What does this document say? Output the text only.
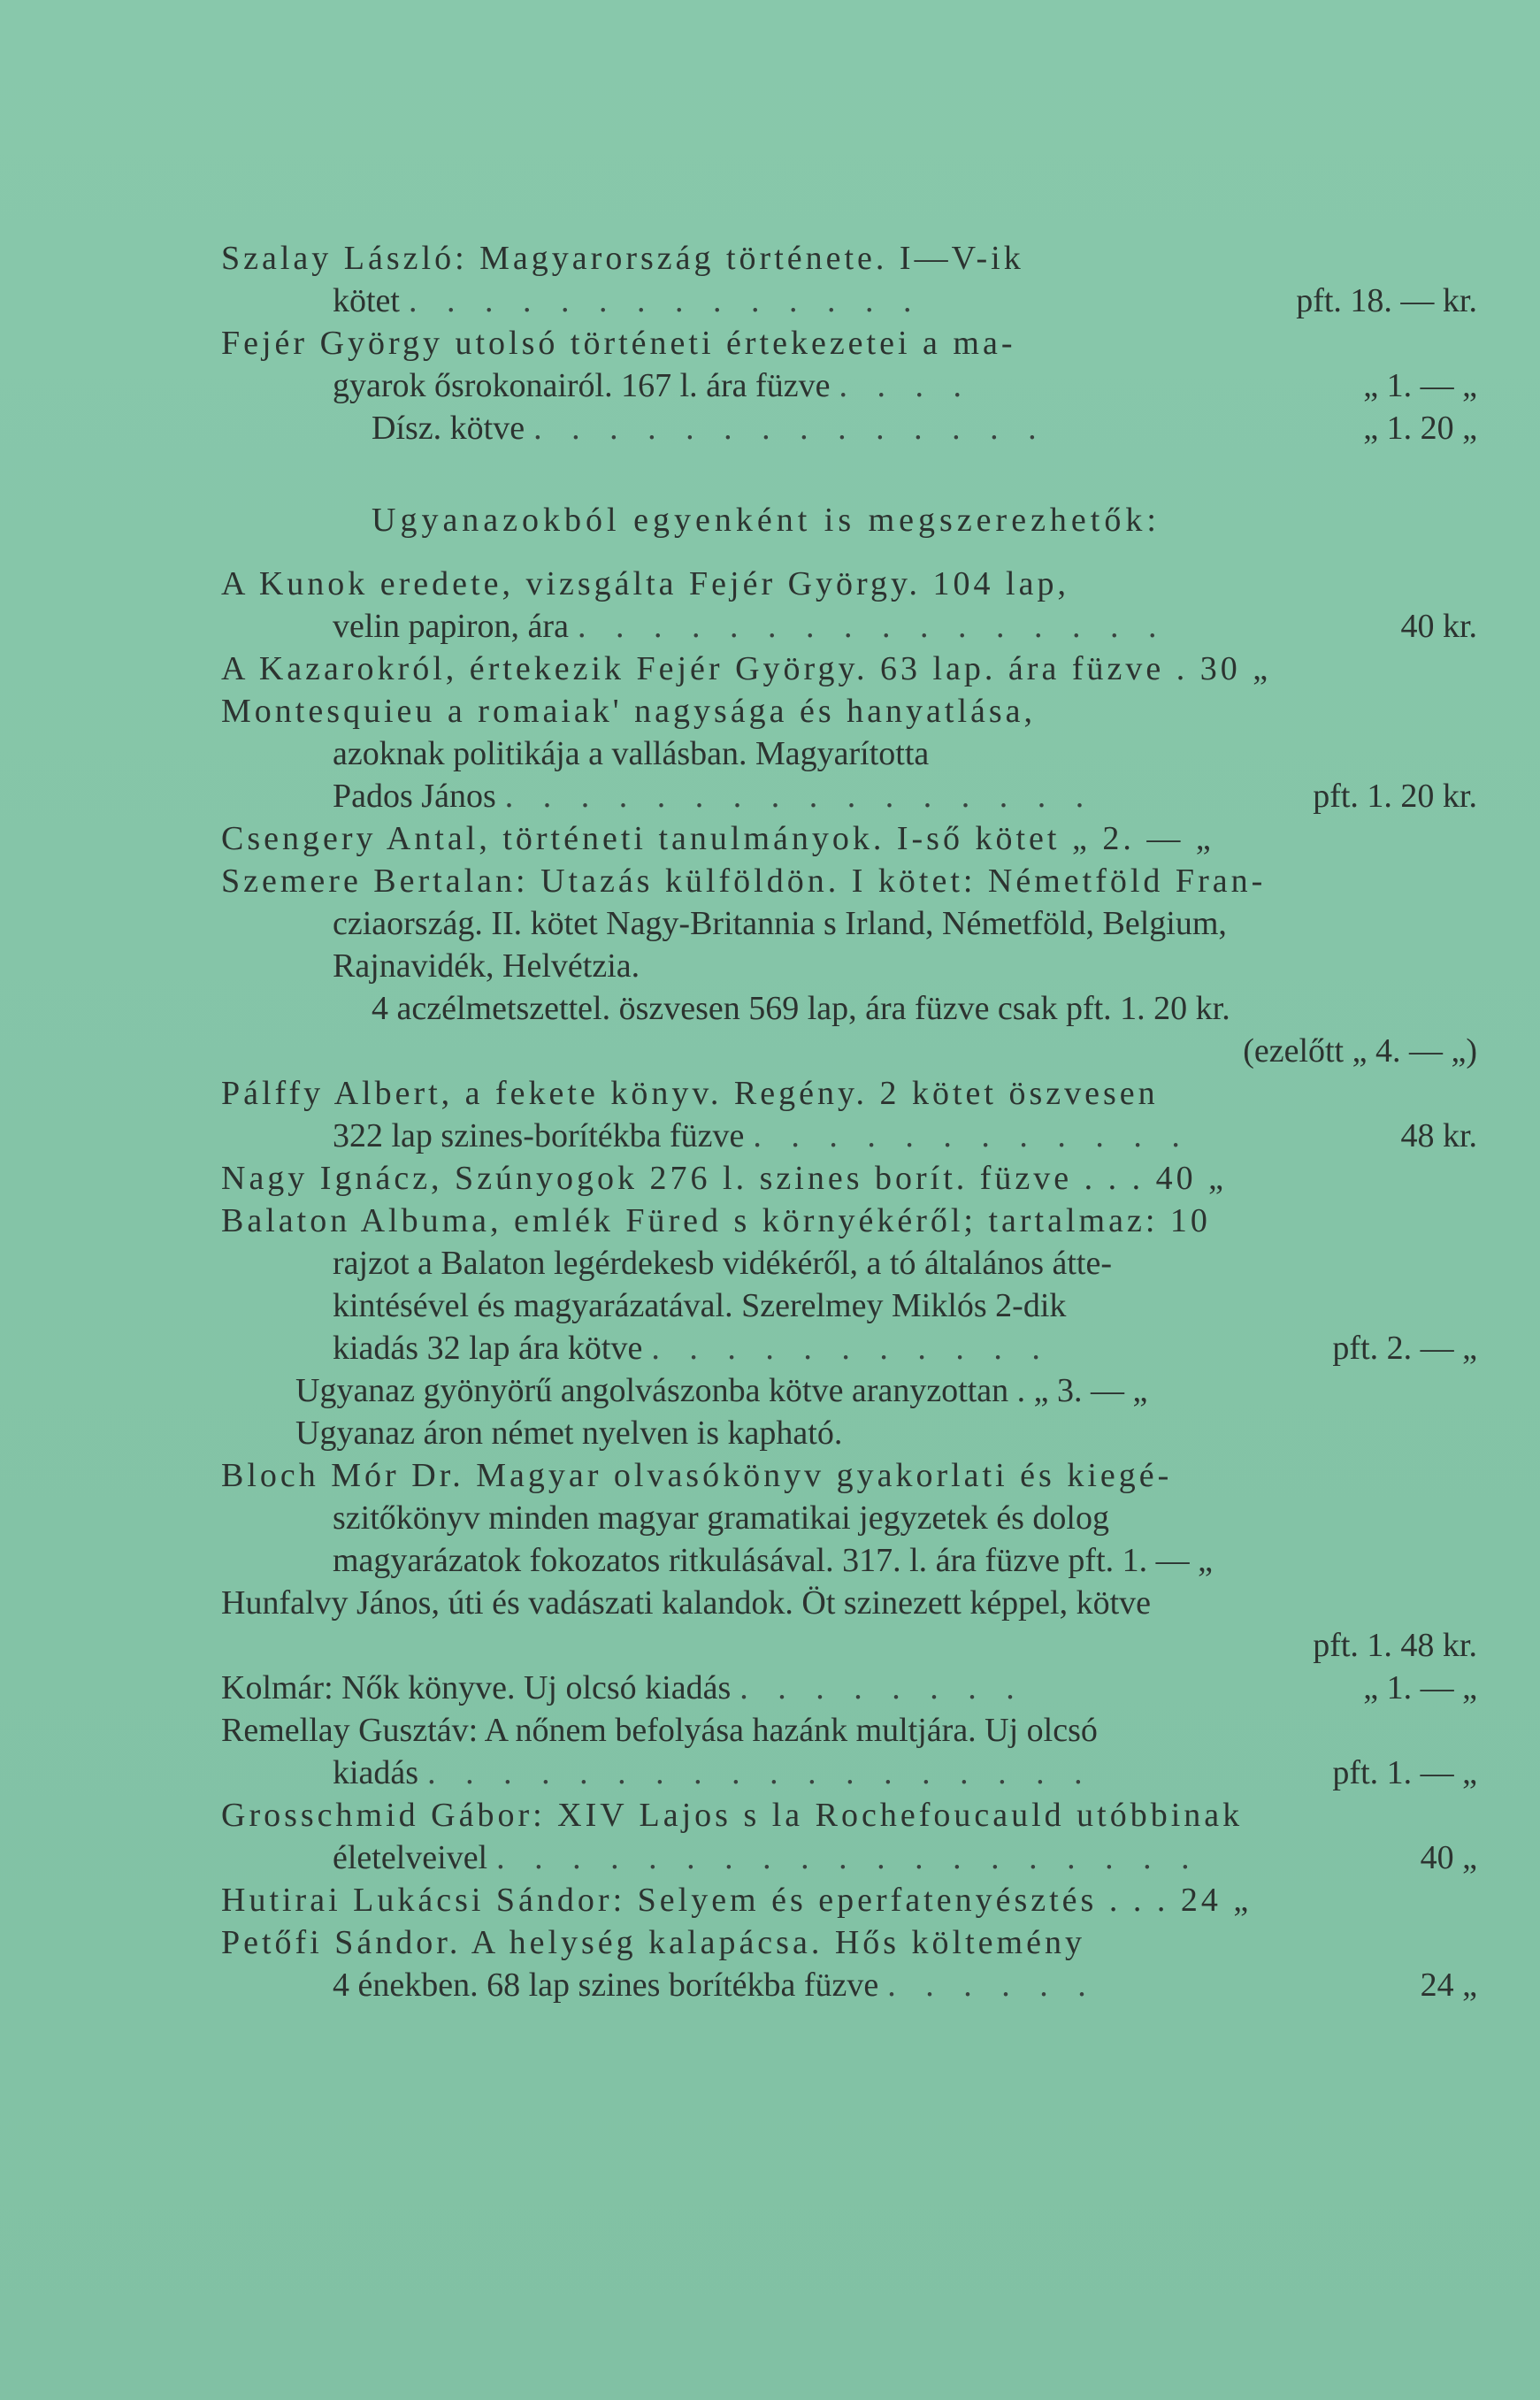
Szalay László: Magyarország története. I—V-ik
kötet . . . . . . . . . . . . . .	pft. 18. — kr.
Fejér György utolsó történeti értekezetei a ma-
gyarok ősrokonairól. 167 l. ára füzve . . . .	„ 1. — „
Dísz. kötve . . . . . . . . . . . . . .	„ 1. 20 „
Ugyanazokból egyenként is megszerezhetők:
A Kunok eredete, vizsgálta Fejér György. 104 lap,
velin papiron, ára . . . . . . . . . . . . . . . .	40 kr.
A Kazarokról, értekezik Fejér György. 63 lap. ára füzve . 30 „
Montesquieu a romaiak' nagysága és hanyatlása,
azoknak politikája a vallásban. Magyarította
Pados János . . . . . . . . . . . . . . . .	pft. 1. 20 kr.
Csengery Antal, történeti tanulmányok. I-ső kötet „ 2. — „
Szemere Bertalan: Utazás külföldön. I kötet: Németföld Fran-
cziaország. II. kötet Nagy-Britannia s Irland, Németföld, Belgium,
Rajnavidék, Helvétzia.
4 aczélmetszettel. öszvesen 569 lap, ára füzve csak pft. 1. 20 kr.
(ezelőtt „ 4. — „)
Pálffy Albert, a fekete könyv. Regény. 2 kötet öszvesen
322 lap szines-borítékba füzve . . . . . . . . . . . .	48 kr.
Nagy Ignácz, Szúnyogok 276 l. szines borít. füzve . . . 40 „
Balaton Albuma, emlék Füred s környékéről; tartalmaz: 10
rajzot a Balaton legérdekesb vidékéről, a tó általános átte-
kintésével és magyarázatával. Szerelmey Miklós 2-dik
kiadás 32 lap ára kötve . . . . . . . . . . .	pft. 2. — „
Ugyanaz gyönyörű angolvászonba kötve aranyzottan . „ 3. — „
Ugyanaz áron német nyelven is kapható.
Bloch Mór Dr. Magyar olvasókönyv gyakorlati és kiegé-
szitőkönyv minden magyar gramatikai jegyzetek és dolog
magyarázatok fokozatos ritkulásával. 317. l. ára füzve pft. 1. — „
Hunfalvy János, úti és vadászati kalandok. Öt szinezett képpel, kötve
pft. 1. 48 kr.
Kolmár: Nők könyve. Uj olcsó kiadás . . . . . . . .	„ 1. — „
Remellay Gusztáv: A nőnem befolyása hazánk multjára. Uj olcsó
kiadás . . . . . . . . . . . . . . . . . .	pft. 1. — „
Grosschmid Gábor: XIV Lajos s la Rochefoucauld utóbbinak
életelveivel . . . . . . . . . . . . . . . . . . .	40 „
Hutirai Lukácsi Sándor: Selyem és eperfatenyésztés . . . 24 „
Petőfi Sándor. A helység kalapácsa. Hős költemény
4 énekben. 68 lap szines borítékba füzve . . . . . .	24 „
